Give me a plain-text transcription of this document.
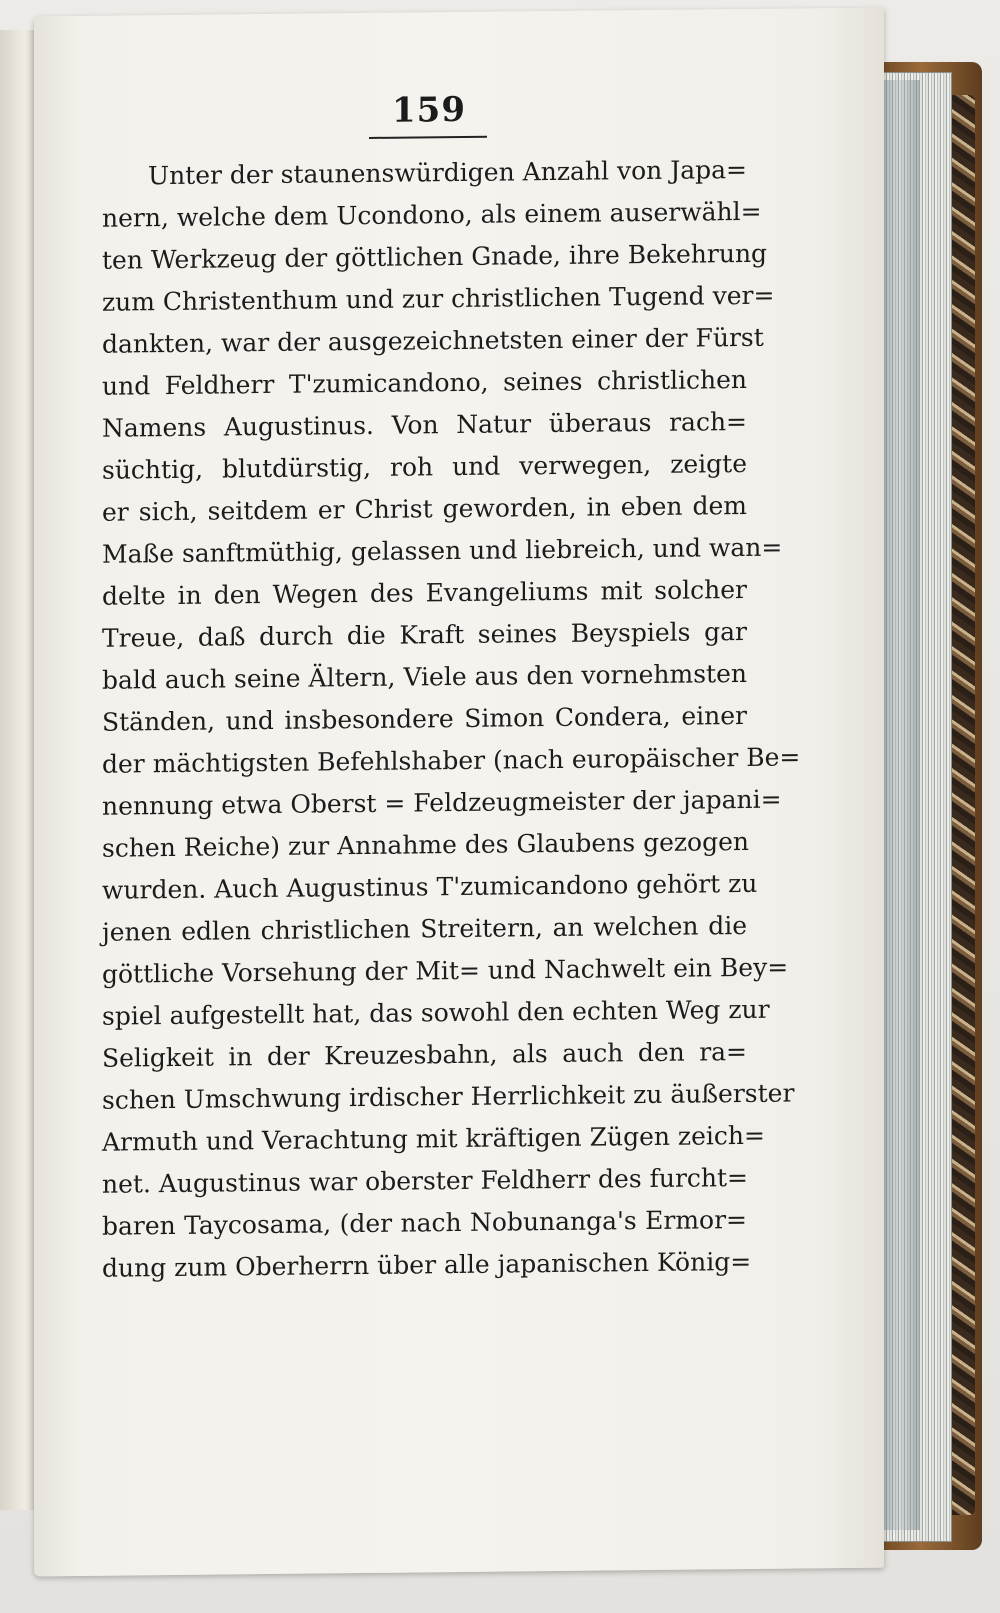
159
Unter der staunenswürdigen Anzahl von Japa=
nern, welche dem Ucondono, als einem auserwähl=
ten Werkzeug der göttlichen Gnade, ihre Bekehrung
zum Christenthum und zur christlichen Tugend ver=
dankten, war der ausgezeichnetsten einer der Fürst
und Feldherr T'zumicandono, seines christlichen
Namens Augustinus. Von Natur überaus rach=
süchtig, blutdürstig, roh und verwegen, zeigte
er sich, seitdem er Christ geworden, in eben dem
Maße sanftmüthig, gelassen und liebreich, und wan=
delte in den Wegen des Evangeliums mit solcher
Treue, daß durch die Kraft seines Beyspiels gar
bald auch seine Ältern, Viele aus den vornehmsten
Ständen, und insbesondere Simon Condera, einer
der mächtigsten Befehlshaber (nach europäischer Be=
nennung etwa Oberst = Feldzeugmeister der japani=
schen Reiche) zur Annahme des Glaubens gezogen
wurden. Auch Augustinus T'zumicandono gehört zu
jenen edlen christlichen Streitern, an welchen die
göttliche Vorsehung der Mit= und Nachwelt ein Bey=
spiel aufgestellt hat, das sowohl den echten Weg zur
Seligkeit in der Kreuzesbahn, als auch den ra=
schen Umschwung irdischer Herrlichkeit zu äußerster
Armuth und Verachtung mit kräftigen Zügen zeich=
net. Augustinus war oberster Feldherr des furcht=
baren Taycosama, (der nach Nobunanga's Ermor=
dung zum Oberherrn über alle japanischen König=
